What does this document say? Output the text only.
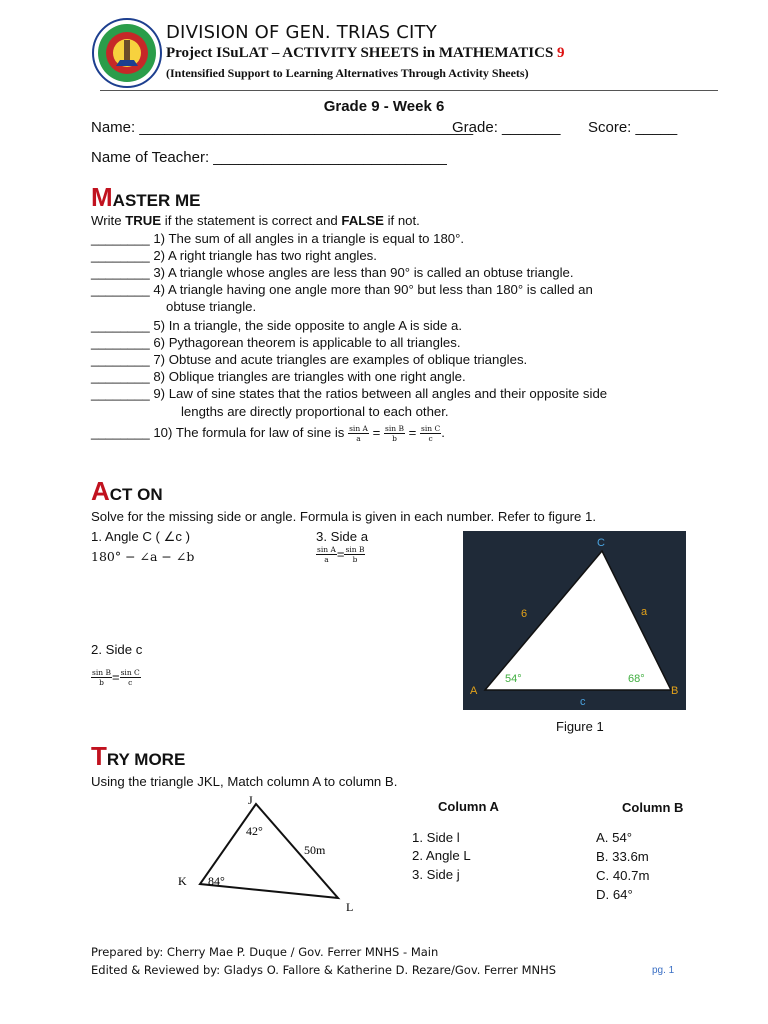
DIVISION OF GEN. TRIAS CITY
Project ISuLAT – ACTIVITY SHEETS in MATHEMATICS 9
(Intensified Support to Learning Alternatives Through Activity Sheets)
Grade 9 - Week 6
Name: ________________________________________
Grade: _______ Score: _____
Name of Teacher: ____________________________
MASTER ME
Write TRUE if the statement is correct and FALSE if not.
________ 1) The sum of all angles in a triangle is equal to 180°.
________ 2) A right triangle has two right angles.
________ 3) A triangle whose angles are less than 90° is called an obtuse triangle.
________ 4) A triangle having one angle more than 90° but less than 180° is called an
obtuse triangle.
________ 5) In a triangle, the side opposite to angle A is side a.
________ 6) Pythagorean theorem is applicable to all triangles.
________ 7) Obtuse and acute triangles are examples of oblique triangles.
________ 8) Oblique triangles are triangles with one right angle.
________ 9) Law of sine states that the ratios between all angles and their opposite side
lengths are directly proportional to each other.
________ 10) The formula for law of sine is $\frac{\text{sin A}}{a} = \frac{\text{sin B}}{b} = \frac{\text{sin C}}{c}$ .
ACT ON
Solve for the missing side or angle. Formula is given in each number. Refer to figure 1.
1. Angle C ( ∠c )
180° − ∠a − ∠b
3. Side a
$\frac{\text{sin A}}{a} = \frac{\text{sin B}}{b}$
2. Side c
$\frac{\text{sin B}}{b} = \frac{\text{sin C}}{c}$
C
A	B
6	a
c
54°	68°
Figure 1
TRY MORE
Using the triangle JKL, Match column A to column B.
J
K
L
42°
84°
50m
Column A
1. Side l
2. Angle L
3. Side j
Column B
A. 54°
B. 33.6m
C. 40.7m
D. 64°
Prepared by: Cherry Mae P. Duque / Gov. Ferrer MNHS - Main
Edited & Reviewed by: Gladys O. Fallore & Katherine D. Rezare/Gov. Ferrer MNHS	pg. 1
